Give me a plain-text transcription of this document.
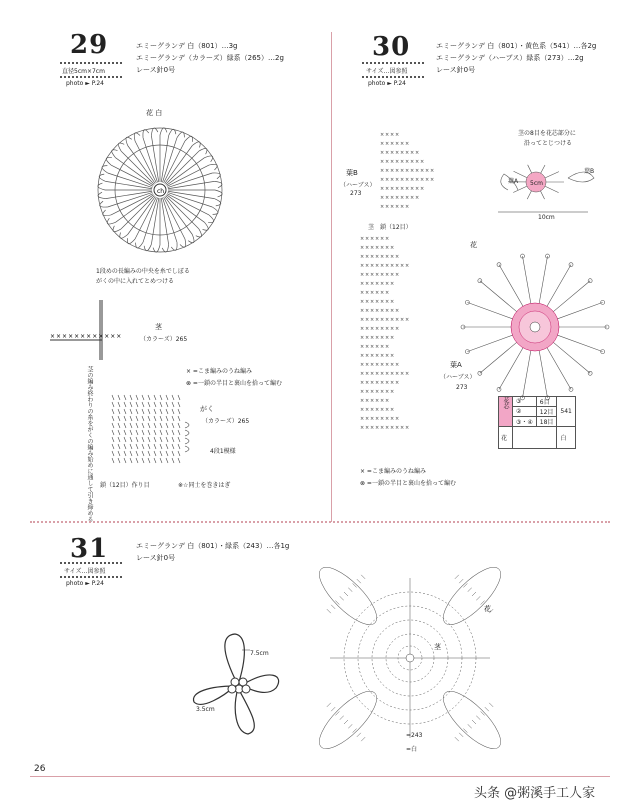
29
直径5cm×7cm
photo ► P.24
エミーグランデ 白（801）…3g
エミーグランデ（カラーズ）緑系（265）…2g
レース針0号
花 白
ch
1段めの長編みの中央を糸でしぼる
がくの中に入れてとめつける
××××××××××××
茎
（カラーズ）265
× =こま編みのうね編み
⊗ =一鎖の半目と裏山を拾って編む
茎の編み終わりの糸をがくの編み始めに通して引き締める	がく
（カラーズ）265
4段1模様
鎖（12目）作り目	※☆同士を巻きはぎ
30
サイズ…図参照
photo ► P.24
エミーグランデ 白（801）・黄色系（541）…各2g
エミーグランデ（ハーブス）緑系（273）…2g
レース針0号
× × × ×
× × × × × ×
× × × × × × × ×
× × × × × × × × ×
× × × × × × × × × × ×
× × × × × × × × × × ×
× × × × × × × × ×
× × × × × × × ×
× × × × × ×
葉B
（ハーブス）
273
茎の8目を花芯部分に
沿ってとじつける
5cm
葉A
葉B
10cm
茎 鎖（12目）
× × × × × ×
× × × × × × ×
× × × × × × × ×
× × × × × × × × × ×
× × × × × × × ×
× × × × × × ×
× × × × × ×
× × × × × × ×
× × × × × × × ×
× × × × × × × × × ×
× × × × × × × ×
× × × × × × ×
× × × × × ×
× × × × × × ×
× × × × × × × ×
× × × × × × × × × ×
× × × × × × × ×
× × × × × × ×
× × × × × ×
× × × × × × ×
× × × × × × × ×
× × × × × × × × × ×
葉A
（ハーブス）
273
花
花芯	③	6目	541
	②	12目	
	③・④	18目	
花			白
× =こま編みのうね編み
⊗ =一鎖の半目と裏山を拾って編む
31
サイズ…図参照
photo ► P.24
エミーグランデ 白（801）・緑系（243）…各1g
レース針0号
7.5cm
3.5cm
花
茎
=243
=白
26
头条 @粥溪手工人家
